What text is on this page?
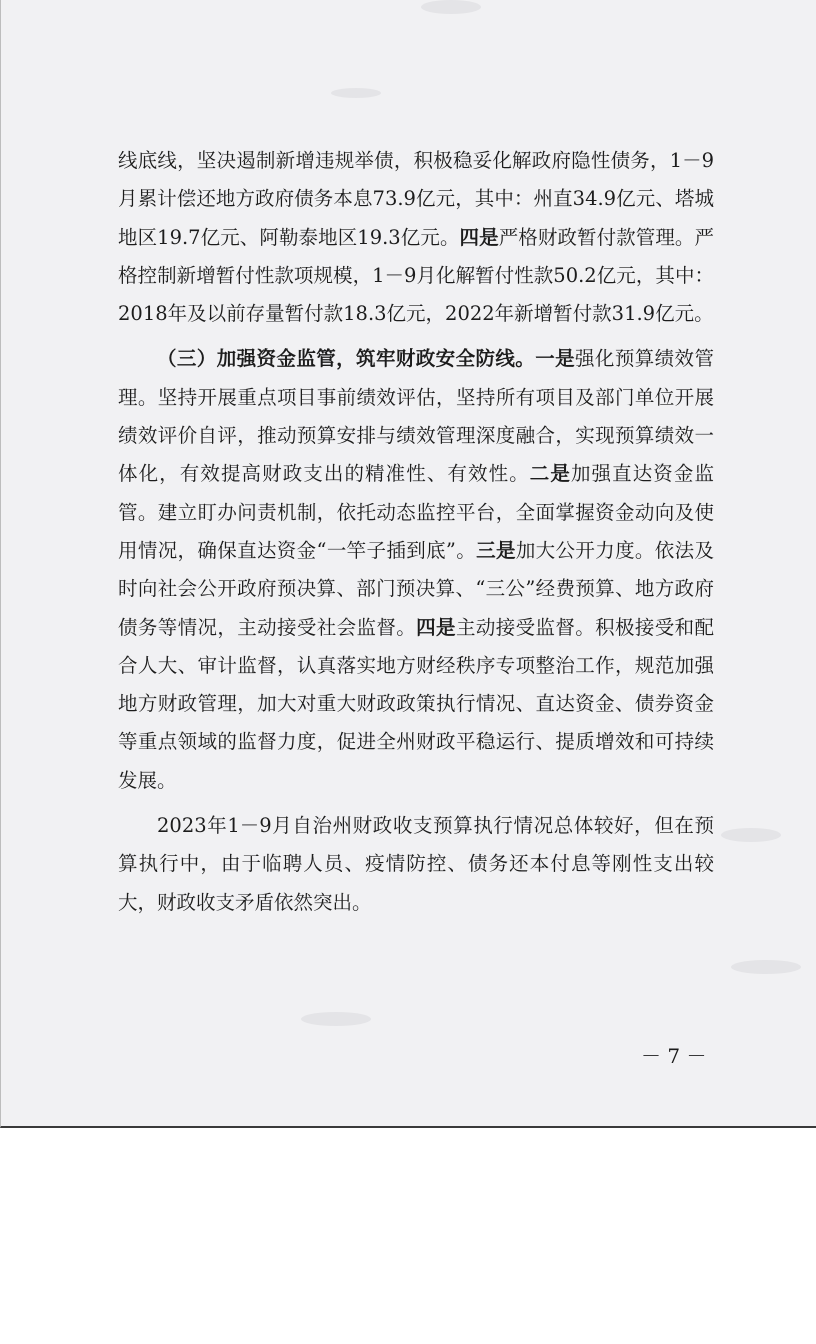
线底线，坚决遏制新增违规举债，积极稳妥化解政府隐性债务，1－9月累计偿还地方政府债务本息73.9亿元，其中：州直34.9亿元、塔城地区19.7亿元、阿勒泰地区19.3亿元。四是严格财政暂付款管理。严格控制新增暂付性款项规模，1－9月化解暂付性款50.2亿元，其中：2018年及以前存量暂付款18.3亿元，2022年新增暂付款31.9亿元。

（三）加强资金监管，筑牢财政安全防线。一是强化预算绩效管理。坚持开展重点项目事前绩效评估，坚持所有项目及部门单位开展绩效评价自评，推动预算安排与绩效管理深度融合，实现预算绩效一体化，有效提高财政支出的精准性、有效性。二是加强直达资金监管。建立盯办问责机制，依托动态监控平台，全面掌握资金动向及使用情况，确保直达资金“一竿子插到底”。三是加大公开力度。依法及时向社会公开政府预决算、部门预决算、“三公”经费预算、地方政府债务等情况，主动接受社会监督。四是主动接受监督。积极接受和配合人大、审计监督，认真落实地方财经秩序专项整治工作，规范加强地方财政管理，加大对重大财政政策执行情况、直达资金、债券资金等重点领域的监督力度，促进全州财政平稳运行、提质增效和可持续发展。

2023年1－9月自治州财政收支预算执行情况总体较好，但在预算执行中，由于临聘人员、疫情防控、债务还本付息等刚性支出较大，财政收支矛盾依然突出。

－ 7 －
